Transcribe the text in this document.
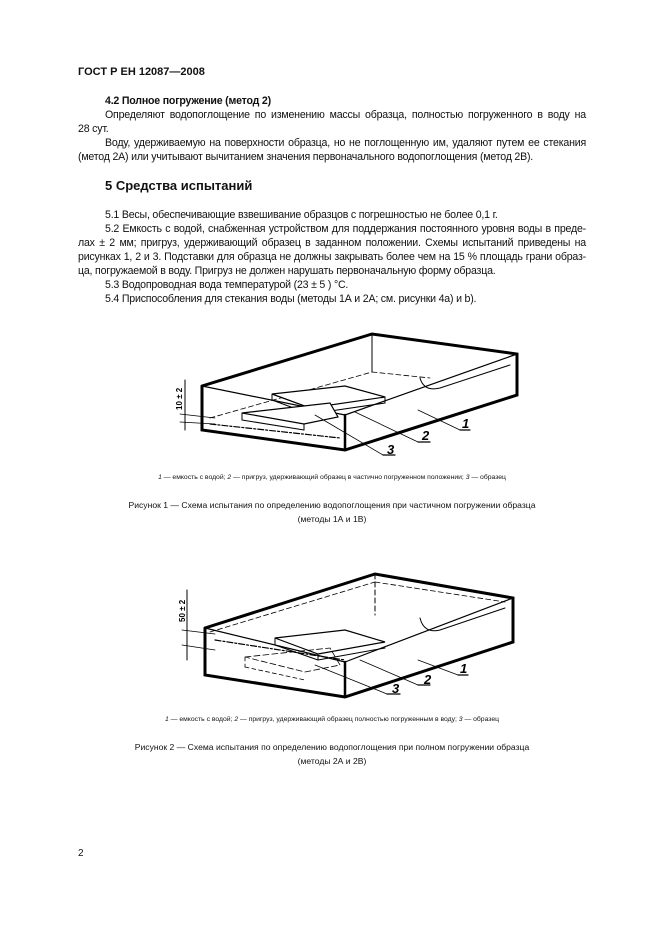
ГОСТ Р ЕН 12087—2008
4.2 Полное погружение (метод 2)
Определяют водопоглощение по изменению массы образца, полностью погруженного в воду на
28 сут.
Воду, удерживаемую на поверхности образца, но не поглощенную им, удаляют путем ее стекания
(метод 2А) или учитывают вычитанием значения первоначального водопоглощения (метод 2В).
5 Средства испытаний
5.1 Весы, обеспечивающие взвешивание образцов с погрешностью не более 0,1 г.
5.2 Емкость с водой, снабженная устройством для поддержания постоянного уровня воды в преде-
лах ± 2 мм; пригруз, удерживающий образец в заданном положении. Схемы испытаний приведены на
рисунках 1, 2 и 3. Подставки для образца не должны закрывать более чем на 15 % площадь грани образ-
ца, погружаемой в воду. Пригруз не должен нарушать первоначальную форму образца.
5.3 Водопроводная вода температурой (23 ± 5 ) °С.
5.4 Приспособления для стекания воды (методы 1А и 2А; см. рисунки 4a) и b).
10 ± 2
1
2
3
1 — емкость с водой; 2 — пригруз, удерживающий образец в частично погруженном положении; 3 — образец
Рисунок 1 — Схема испытания по определению водопоглощения при частичном погружении образца
(методы 1А и 1В)
50 ± 2
1
2
3
1 — емкость с водой; 2 — пригруз, удерживающий образец полностью погруженным в воду; 3 — образец
Рисунок 2 — Схема испытания по определению водопоглощения при полном погружении образца
(методы 2А и 2В)
2
